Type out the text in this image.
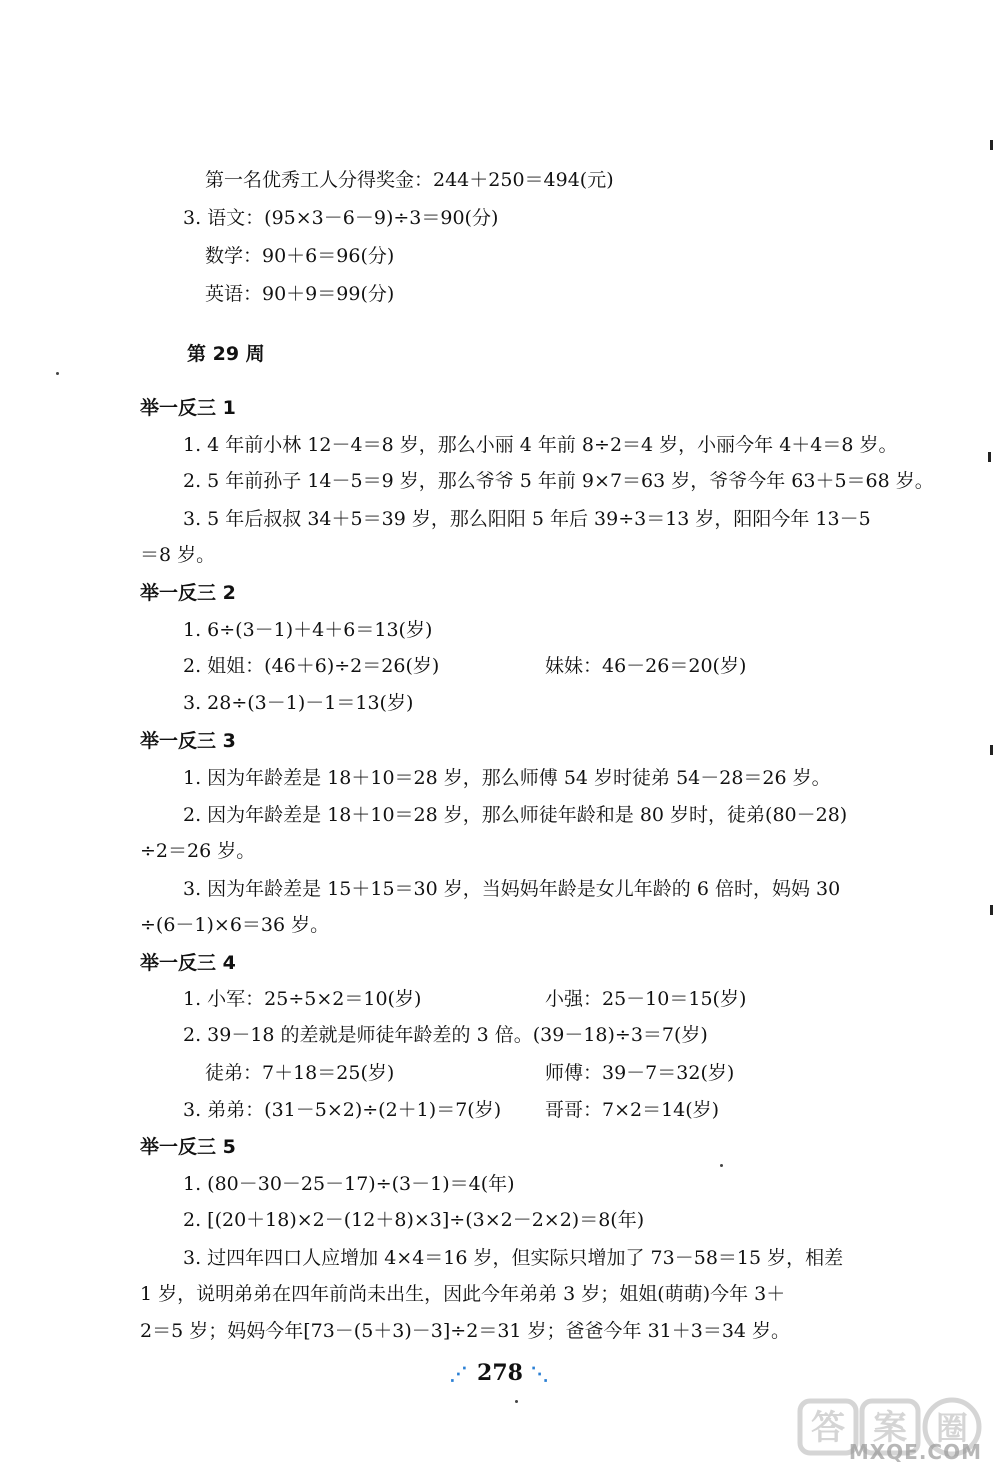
第一名优秀工人分得奖金：244＋250＝494(元)
3. 语文：(95×3－6－9)÷3＝90(分)
数学：90＋6＝96(分)
英语：90＋9＝99(分)
第 29 周
举一反三 1
1. 4 年前小林 12－4＝8 岁，那么小丽 4 年前 8÷2＝4 岁，小丽今年 4＋4＝8 岁。
2. 5 年前孙子 14－5＝9 岁，那么爷爷 5 年前 9×7＝63 岁，爷爷今年 63＋5＝68 岁。
3. 5 年后叔叔 34＋5＝39 岁，那么阳阳 5 年后 39÷3＝13 岁，阳阳今年 13－5
＝8 岁。
举一反三 2
1. 6÷(3－1)＋4＋6＝13(岁)
2. 姐姐：(46＋6)÷2＝26(岁)	妹妹：46－26＝20(岁)
3. 28÷(3－1)－1＝13(岁)
举一反三 3
1. 因为年龄差是 18＋10＝28 岁，那么师傅 54 岁时徒弟 54－28＝26 岁。
2. 因为年龄差是 18＋10＝28 岁，那么师徒年龄和是 80 岁时，徒弟(80－28)
÷2＝26 岁。
3. 因为年龄差是 15＋15＝30 岁，当妈妈年龄是女儿年龄的 6 倍时，妈妈 30
÷(6－1)×6＝36 岁。
举一反三 4
1. 小军：25÷5×2＝10(岁)	小强：25－10＝15(岁)
2. 39－18 的差就是师徒年龄差的 3 倍。(39－18)÷3＝7(岁)
徒弟：7＋18＝25(岁)	师傅：39－7＝32(岁)
3. 弟弟：(31－5×2)÷(2＋1)＝7(岁) 哥哥：7×2＝14(岁)
举一反三 5
1. (80－30－25－17)÷(3－1)＝4(年)
2. [(20＋18)×2－(12＋8)×3]÷(3×2－2×2)＝8(年)
3. 过四年四口人应增加 4×4＝16 岁，但实际只增加了 73－58＝15 岁，相差
1 岁，说明弟弟在四年前尚未出生，因此今年弟弟 3 岁；姐姐(萌萌)今年 3＋
2＝5 岁；妈妈今年[73－(5＋3)－3]÷2＝31 岁；爸爸今年 31＋3＝34 岁。
⋰ 278 ⋱
答 案 圈
MXQE.COM
